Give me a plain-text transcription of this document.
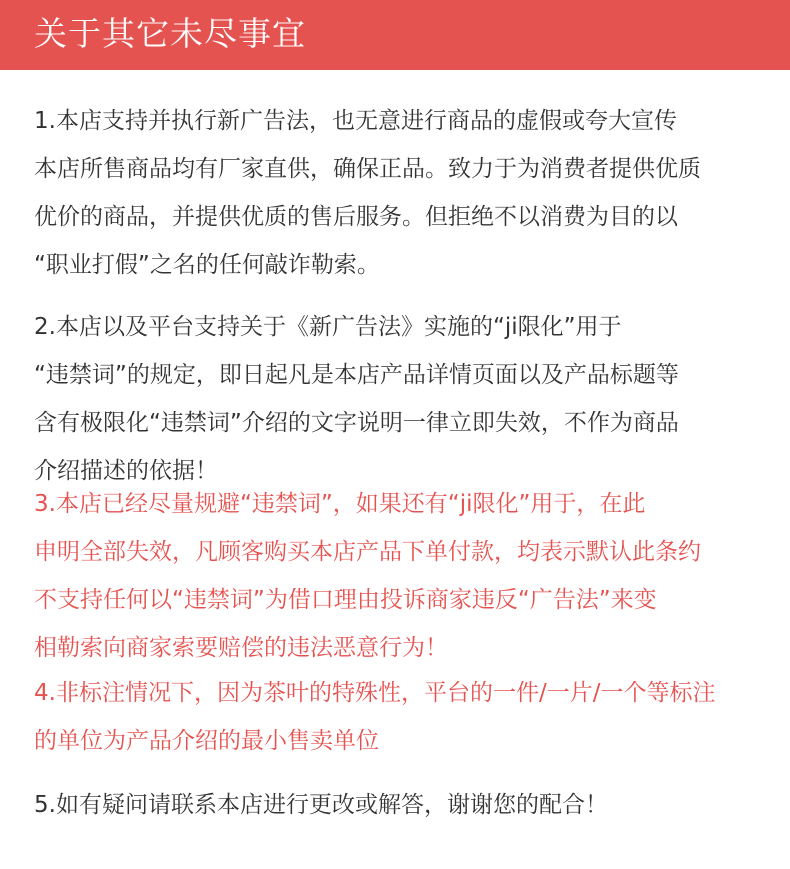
关于其它未尽事宜
1.本店支持并执行新广告法，也无意进行商品的虚假或夸大宣传
本店所售商品均有厂家直供，确保正品。致力于为消费者提供优质
优价的商品，并提供优质的售后服务。但拒绝不以消费为目的以
“职业打假”之名的任何敲诈勒索。
2.本店以及平台支持关于《新广告法》实施的“ji限化”用于
“违禁词”的规定，即日起凡是本店产品详情页面以及产品标题等
含有极限化“违禁词”介绍的文字说明一律立即失效，不作为商品
介绍描述的依据！
3.本店已经尽量规避“违禁词”，如果还有“ji限化”用于，在此
申明全部失效，凡顾客购买本店产品下单付款，均表示默认此条约
不支持任何以“违禁词”为借口理由投诉商家违反“广告法”来变
相勒索向商家索要赔偿的违法恶意行为！
4.非标注情况下，因为茶叶的特殊性，平台的一件/一片/一个等标注
的单位为产品介绍的最小售卖单位
5.如有疑问请联系本店进行更改或解答，谢谢您的配合！
